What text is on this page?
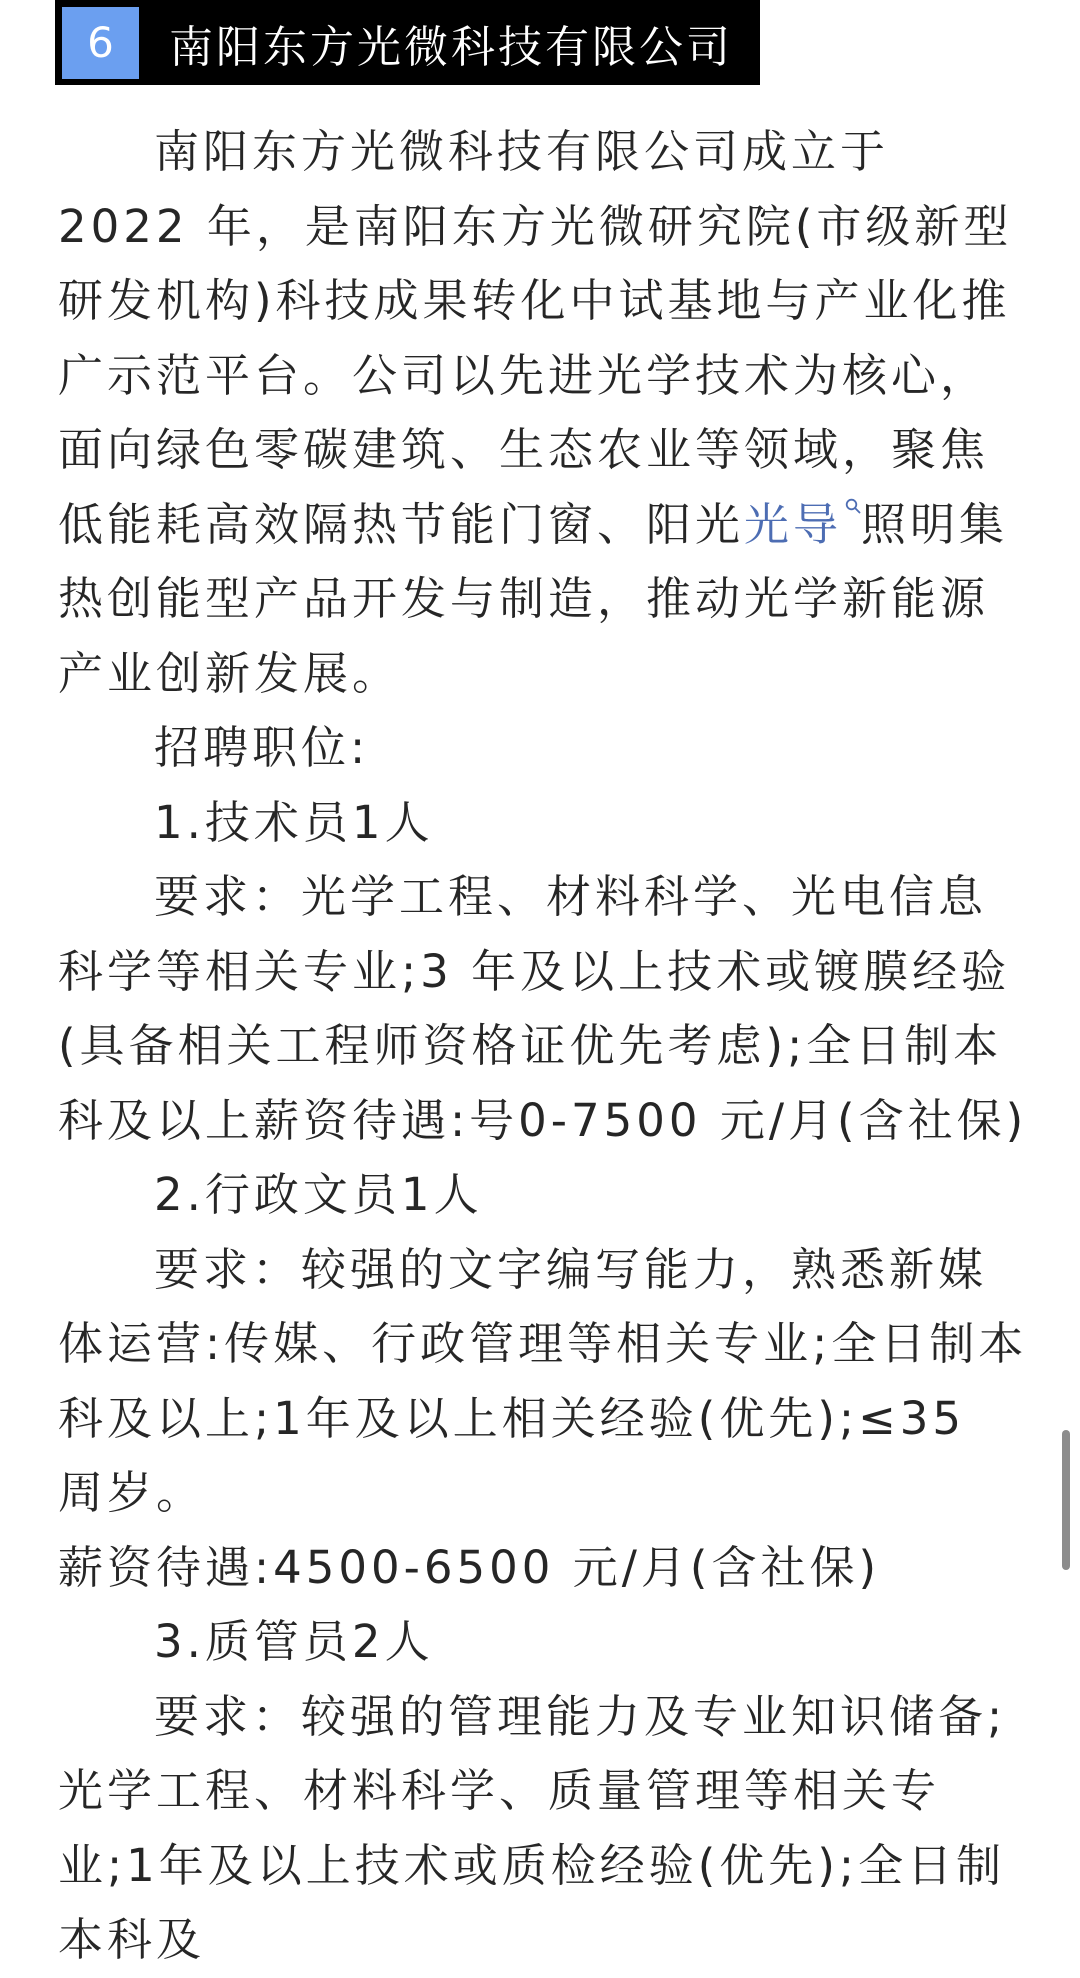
6	南阳东方光微科技有限公司

南阳东方光微科技有限公司成立于 2022 年，是南阳东方光微研究院(市级新型研发机构)科技成果转化中试基地与产业化推广示范平台。公司以先进光学技术为核心，面向绿色零碳建筑、生态农业等领域，聚焦低能耗高效隔热节能门窗、阳光光导 照明集热创能型产品开发与制造，推动光学新能源产业创新发展。

招聘职位:

1.技术员1人

要求：光学工程、材料科学、光电信息科学等相关专业;3 年及以上技术或镀膜经验(具备相关工程师资格证优先考虑);全日制本科及以上薪资待遇:号0-7500 元/月(含社保)

2.行政文员1人

要求：较强的文字编写能力，熟悉新媒体运营:传媒、行政管理等相关专业;全日制本科及以上;1年及以上相关经验(优先);≤35 周岁。

薪资待遇:4500-6500 元/月(含社保)

3.质管员2人

要求：较强的管理能力及专业知识储备;光学工程、材料科学、质量管理等相关专业;1年及以上技术或质检经验(优先);全日制本科及
